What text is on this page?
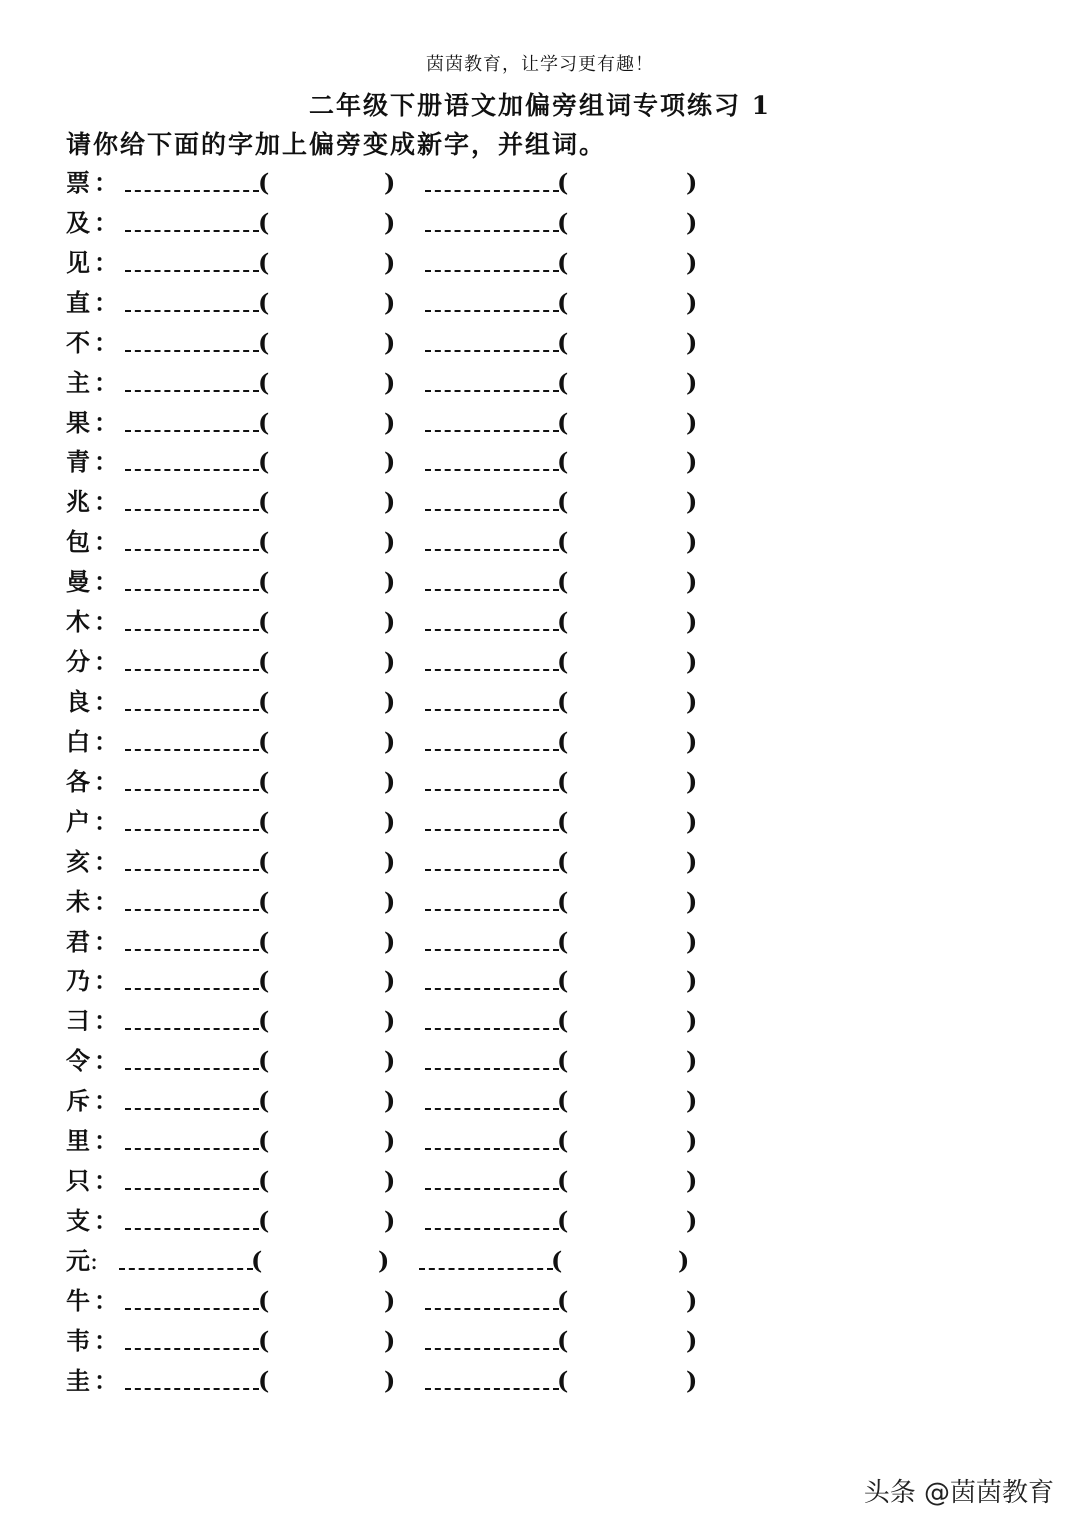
茵茵教育，让学习更有趣！
二年级下册语文加偏旁组词专项练习 1
请你给下面的字加上偏旁变成新字，并组词。
票 ：	(	)	(	)
及 ：	(	)	(	)
见 ：	(	)	(	)
直 ：	(	)	(	)
不 ：	(	)	(	)
主 ：	(	)	(	)
果 ：	(	)	(	)
青 ：	(	)	(	)
兆 ：	(	)	(	)
包 ：	(	)	(	)
曼 ：	(	)	(	)
木 ：	(	)	(	)
分 ：	(	)	(	)
良 ：	(	)	(	)
白 ：	(	)	(	)
各 ：	(	)	(	)
户 ：	(	)	(	)
亥 ：	(	)	(	)
未 ：	(	)	(	)
君 ：	(	)	(	)
乃 ：	(	)	(	)
彐 ：	(	)	(	)
令 ：	(	)	(	)
斥 ：	(	)	(	)
里 ：	(	)	(	)
只 ：	(	)	(	)
支 ：	(	)	(	)
元 :	(	)	(	)
牛 ：	(	)	(	)
韦 ：	(	)	(	)
圭 ：	(	)	(	)
头条 @茵茵教育
